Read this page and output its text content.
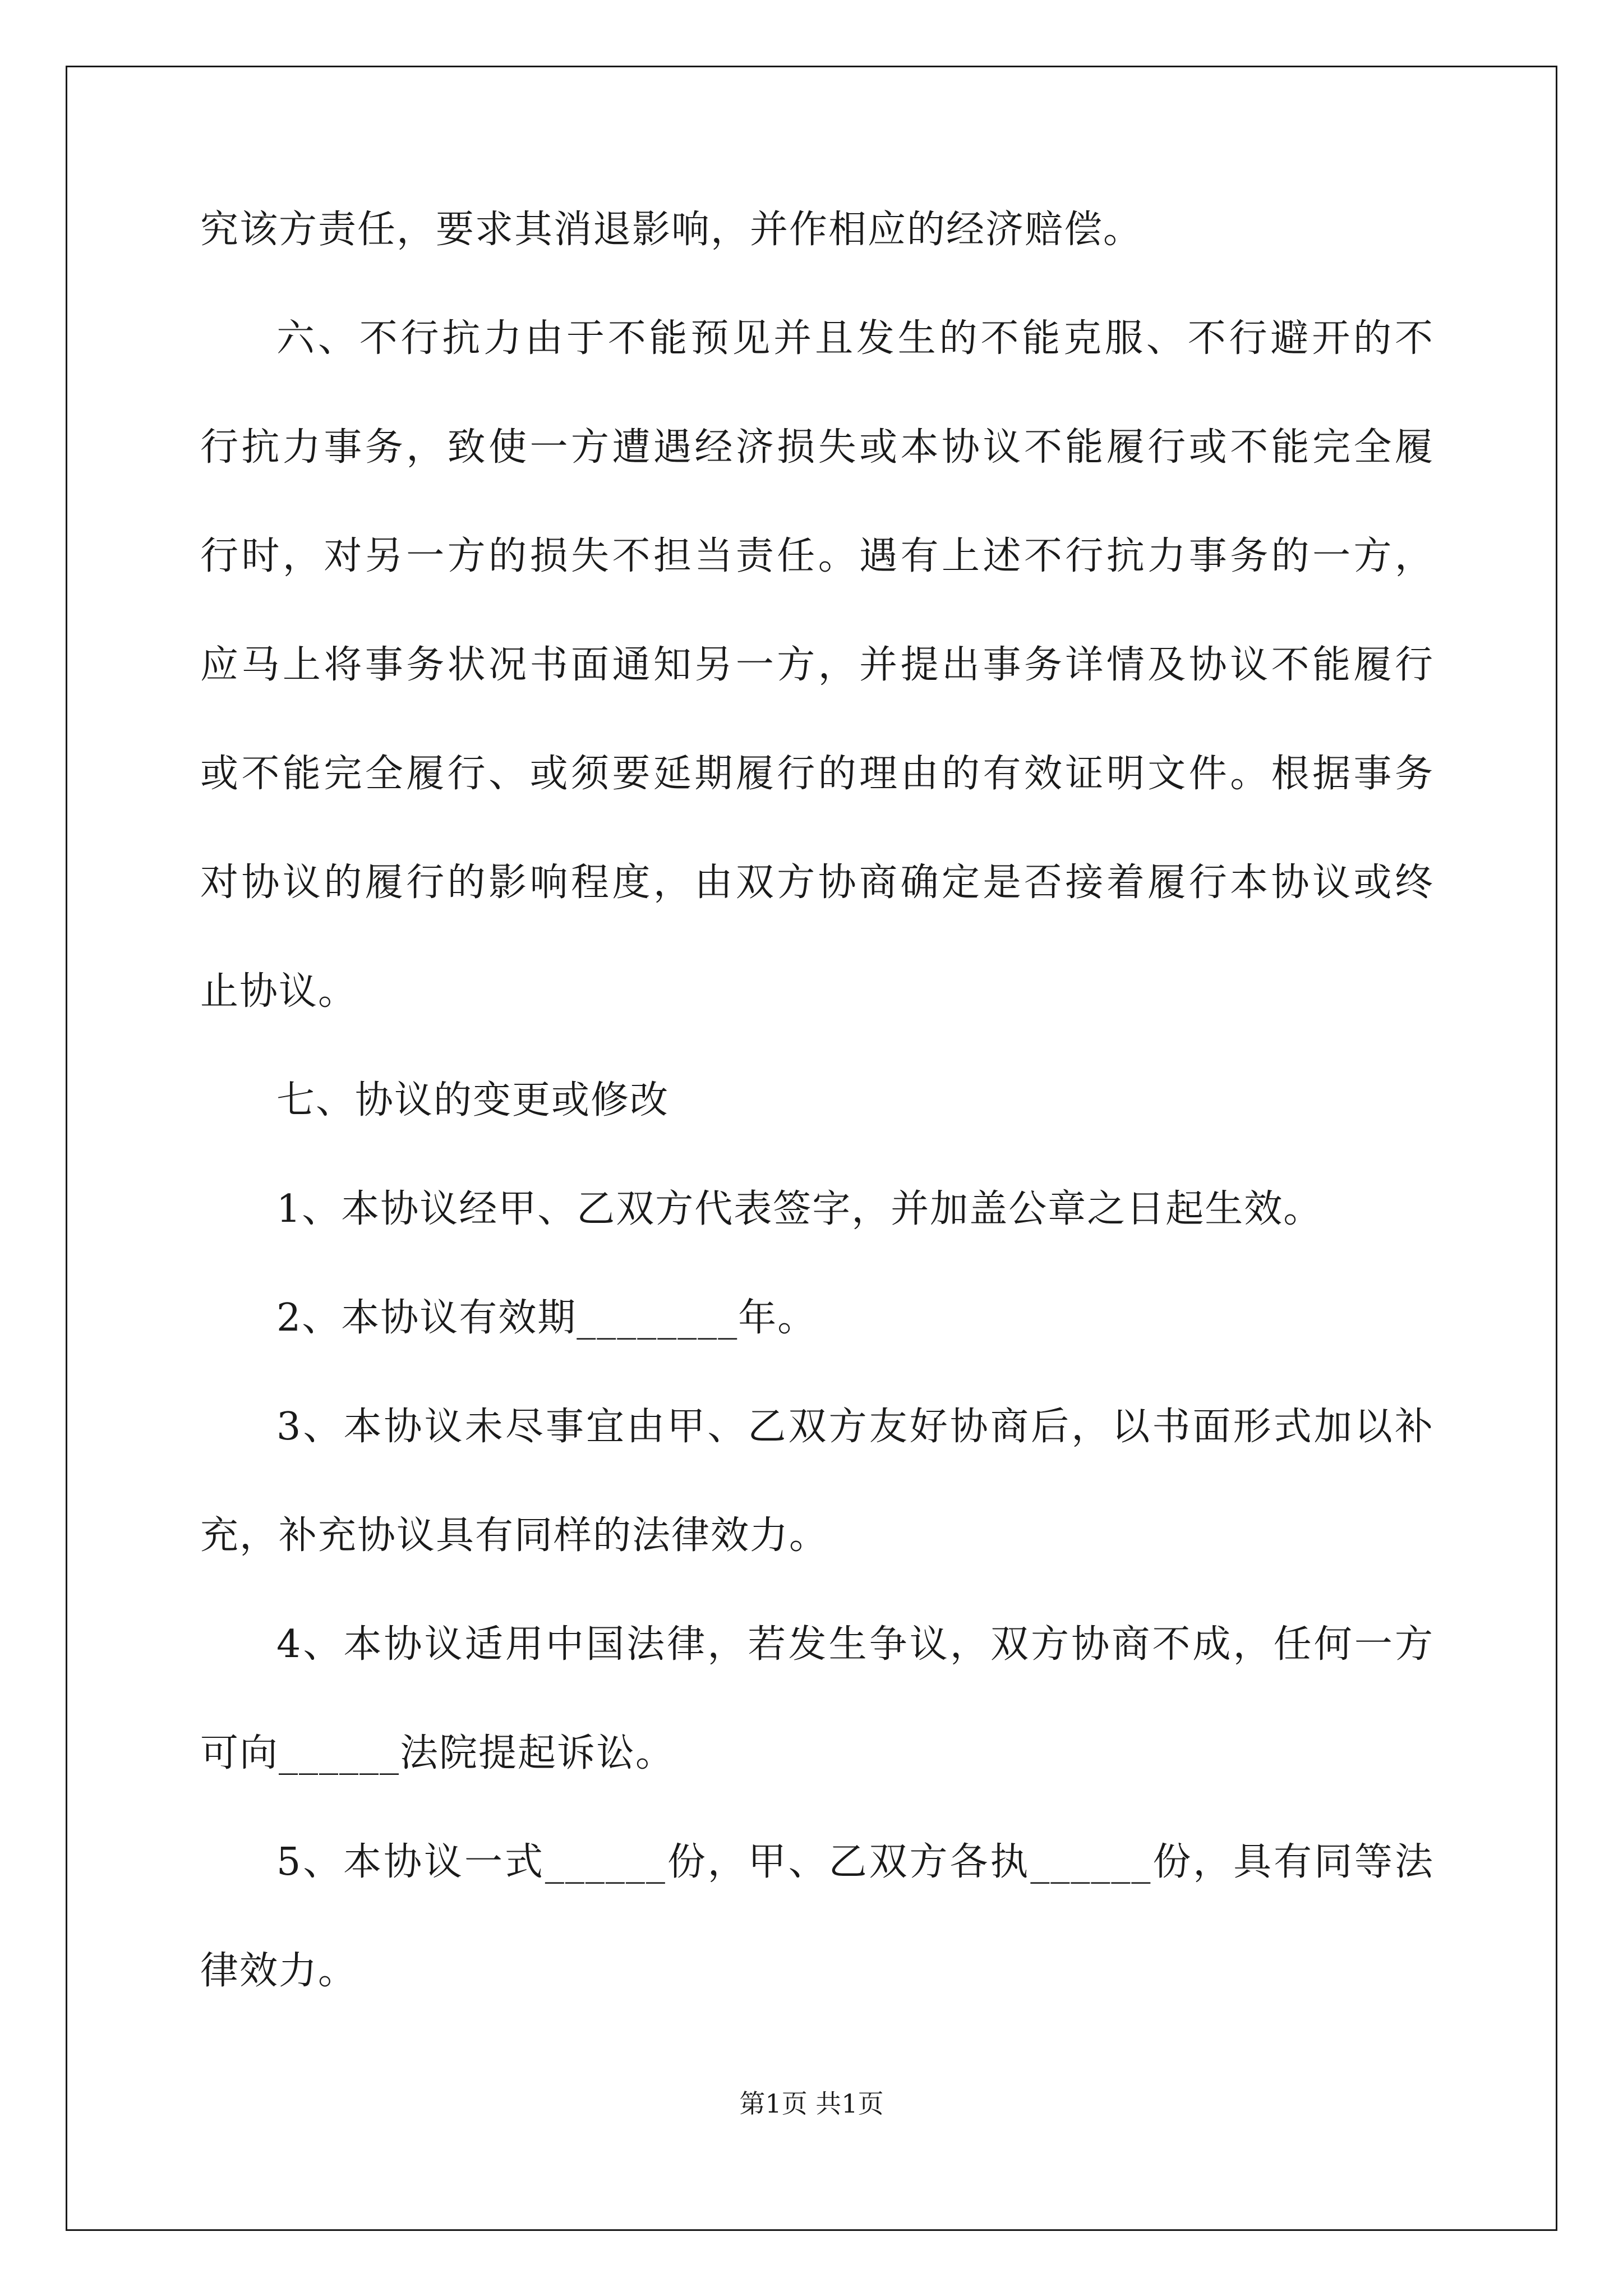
究该方责任，要求其消退影响，并作相应的经济赔偿。
六、不行抗力由于不能预见并且发生的不能克服、不行避开的不
行抗力事务，致使一方遭遇经济损失或本协议不能履行或不能完全履
行时，对另一方的损失不担当责任。遇有上述不行抗力事务的一方，
应马上将事务状况书面通知另一方，并提出事务详情及协议不能履行
或不能完全履行、或须要延期履行的理由的有效证明文件。根据事务
对协议的履行的影响程度，由双方协商确定是否接着履行本协议或终
止协议。
七、协议的变更或修改
1、本协议经甲、乙双方代表签字，并加盖公章之日起生效。
2、本协议有效期________年。
3、本协议未尽事宜由甲、乙双方友好协商后，以书面形式加以补
充，补充协议具有同样的法律效力。
4、本协议适用中国法律，若发生争议，双方协商不成，任何一方
可向______法院提起诉讼。
5、本协议一式______份，甲、乙双方各执______份，具有同等法
律效力。
第1页 共1页
